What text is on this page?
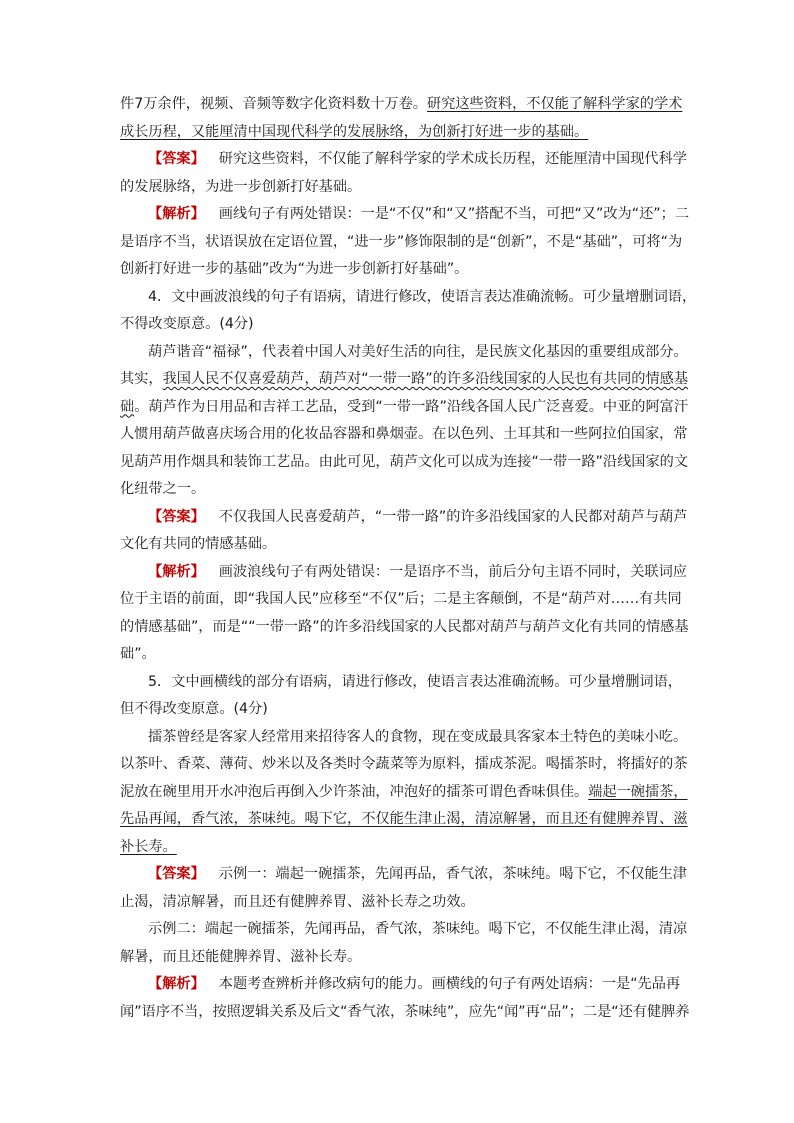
件7万余件，视频、音频等数字化资料数十万卷。研究这些资料，不仅能了解科学家的学术

成长历程，又能厘清中国现代科学的发展脉络，为创新打好进一步的基础。

【答案】 研究这些资料，不仅能了解科学家的学术成长历程，还能厘清中国现代科学

的发展脉络，为进一步创新打好基础。

【解析】 画线句子有两处错误：一是“不仅”和“又”搭配不当，可把“又”改为“还”；二

是语序不当，状语误放在定语位置，“进一步”修饰限制的是“创新”，不是“基础”，可将“为

创新打好进一步的基础”改为“为进一步创新打好基础”。

4．文中画波浪线的句子有语病，请进行修改，使语言表达准确流畅。可少量增删词语，

不得改变原意。(4分)

葫芦谐音“福禄”，代表着中国人对美好生活的向往，是民族文化基因的重要组成部分。

其实，我国人民不仅喜爱葫芦，葫芦对“一带一路”的许多沿线国家的人民也有共同的情感基

础。葫芦作为日用品和吉祥工艺品，受到“一带一路”沿线各国人民广泛喜爱。中亚的阿富汗

人惯用葫芦做喜庆场合用的化妆品容器和鼻烟壶。在以色列、土耳其和一些阿拉伯国家，常

见葫芦用作烟具和装饰工艺品。由此可见，葫芦文化可以成为连接“一带一路”沿线国家的文

化纽带之一。

【答案】 不仅我国人民喜爱葫芦，“一带一路”的许多沿线国家的人民都对葫芦与葫芦

文化有共同的情感基础。

【解析】 画波浪线句子有两处错误：一是语序不当，前后分句主语不同时，关联词应

位于主语的前面，即“我国人民”应移至“不仅”后；二是主客颠倒，不是“葫芦对……有共同

的情感基础”，而是““一带一路”的许多沿线国家的人民都对葫芦与葫芦文化有共同的情感基

础”。

5．文中画横线的部分有语病，请进行修改，使语言表达准确流畅。可少量增删词语，

但不得改变原意。(4分)

擂茶曾经是客家人经常用来招待客人的食物，现在变成最具客家本土特色的美味小吃。

以茶叶、香菜、薄荷、炒米以及各类时令蔬菜等为原料，擂成茶泥。喝擂茶时，将擂好的茶

泥放在碗里用开水冲泡后再倒入少许茶油，冲泡好的擂茶可谓色香味俱佳。端起一碗擂茶，

先品再闻，香气浓，茶味纯。喝下它，不仅能生津止渴，清凉解暑，而且还有健脾养胃、滋

补长寿。

【答案】 示例一：端起一碗擂茶，先闻再品，香气浓，茶味纯。喝下它，不仅能生津

止渴，清凉解暑，而且还有健脾养胃、滋补长寿之功效。

示例二：端起一碗擂茶，先闻再品，香气浓，茶味纯。喝下它，不仅能生津止渴，清凉

解暑，而且还能健脾养胃、滋补长寿。

【解析】 本题考查辨析并修改病句的能力。画横线的句子有两处语病：一是“先品再

闻”语序不当，按照逻辑关系及后文“香气浓，茶味纯”，应先“闻”再“品”；二是“还有健脾养
